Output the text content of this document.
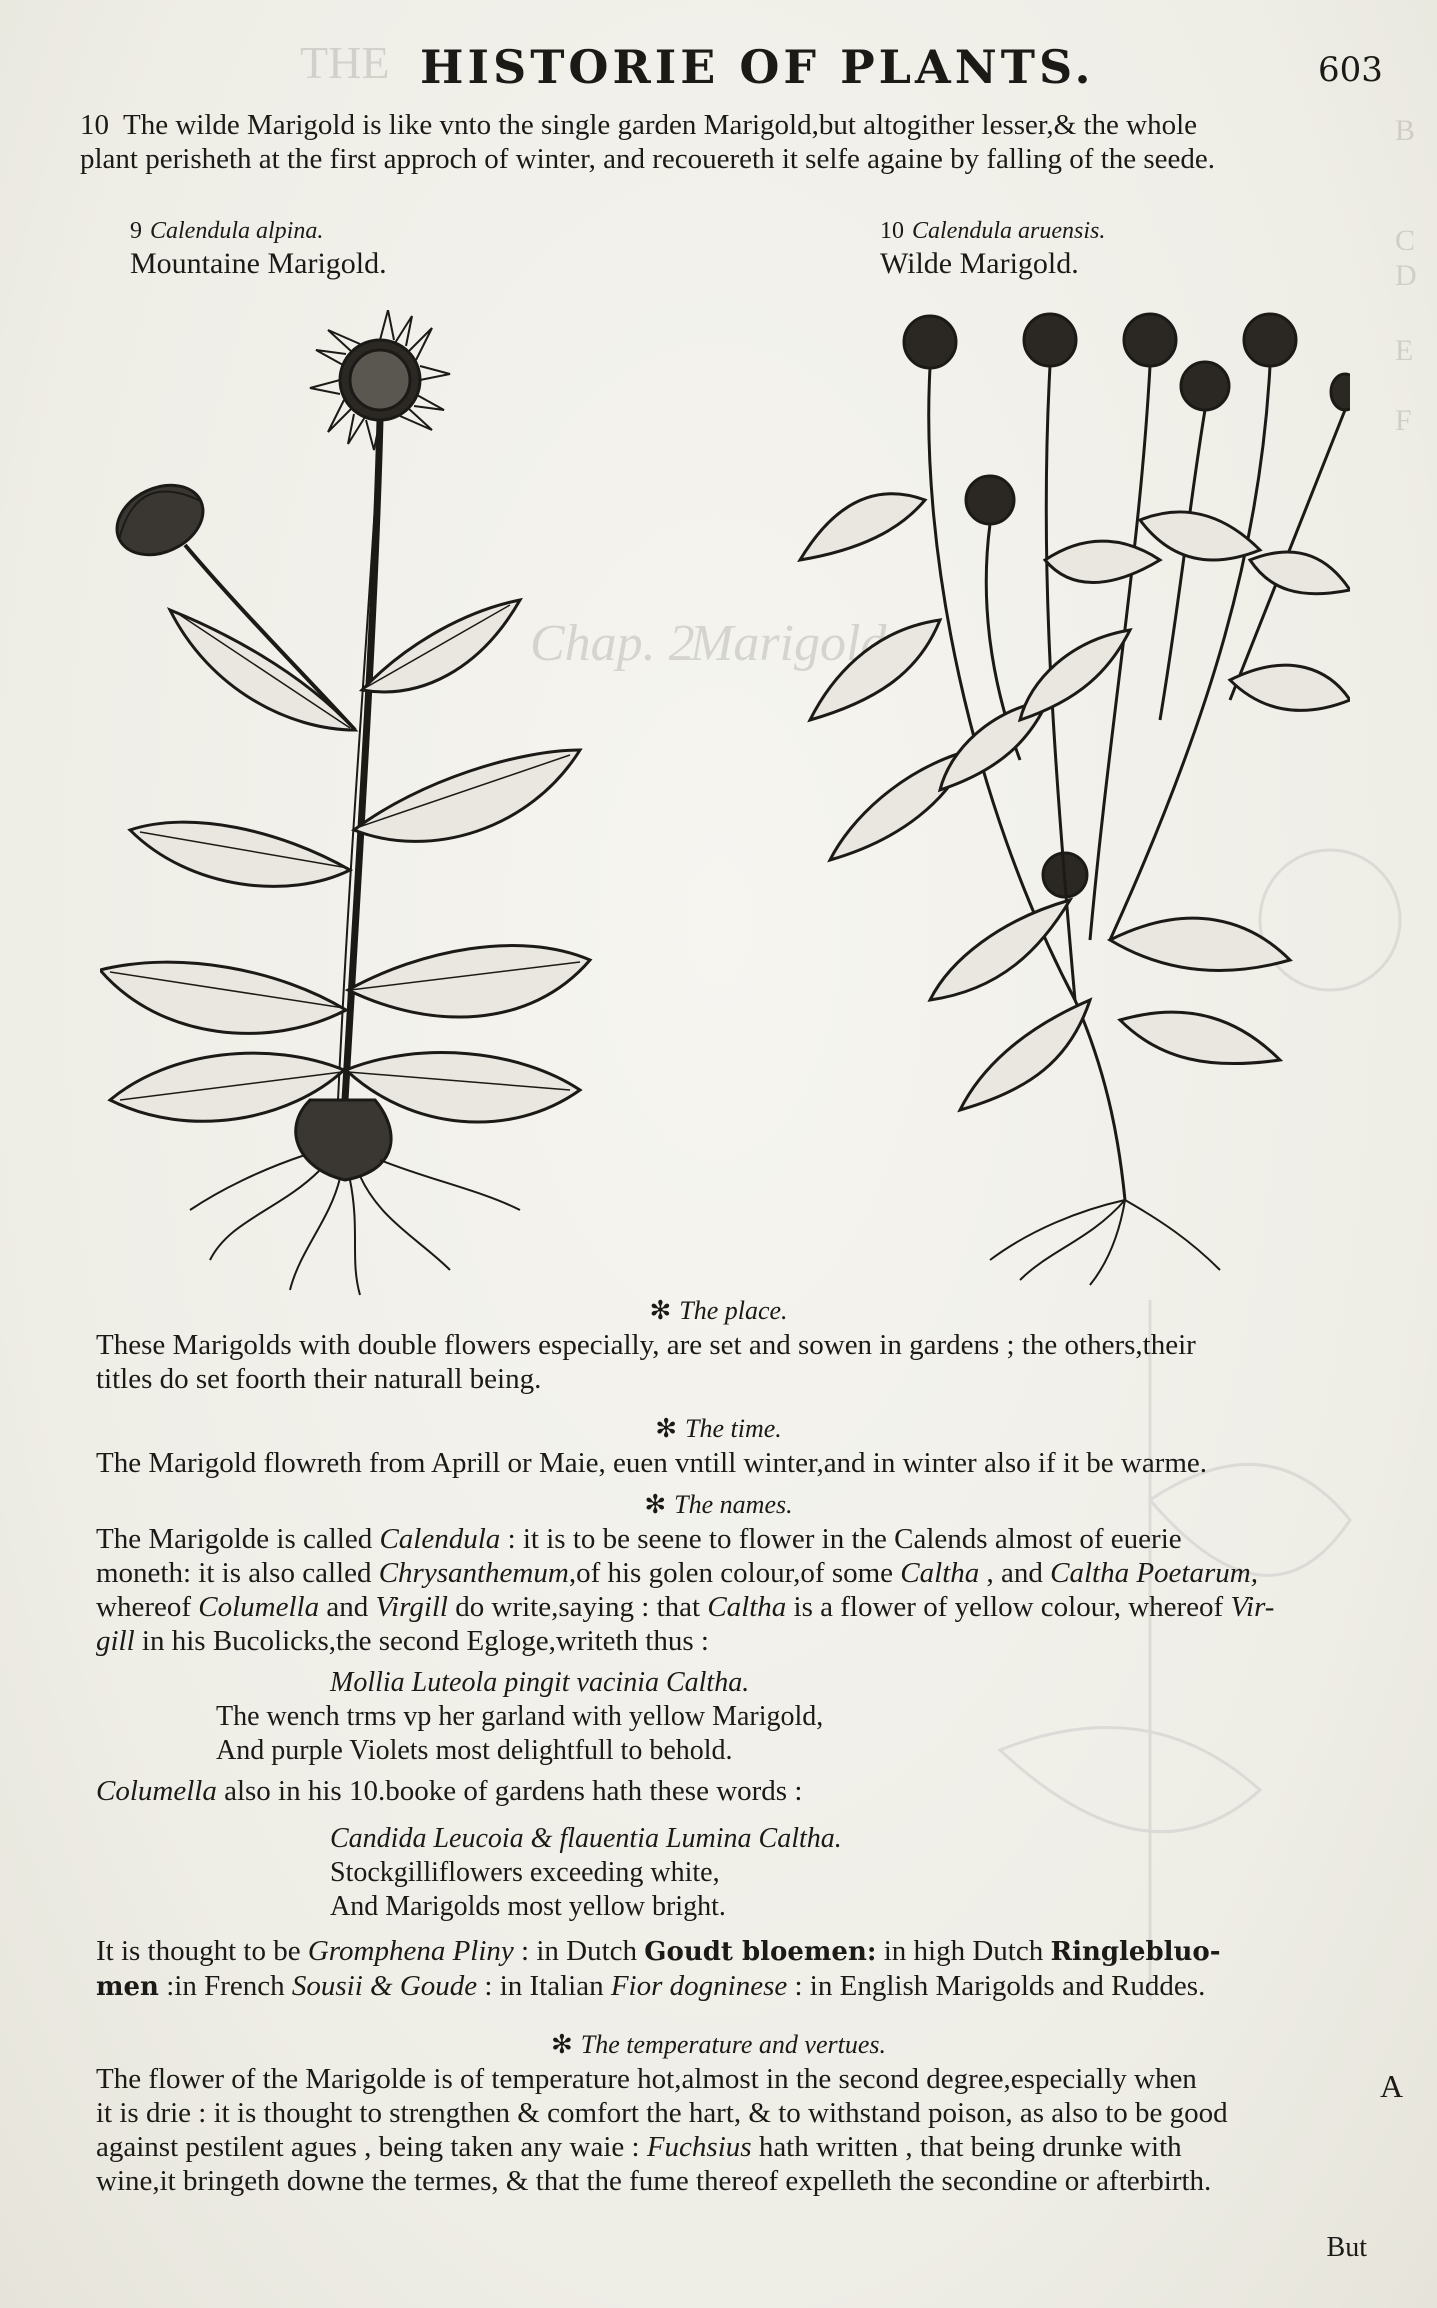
THE
B
C
D
E
F
Marigolds.
Chap. 2
HISTORIE OF PLANTS.	603

10 The wilde Marigold is like vnto the single garden Marigold,but altogither lesser,& the whole
plant perisheth at the first approch of winter, and recouereth it selfe againe by falling of the seede.

9 Calendula alpina.
Mountaine Marigold.
10 Calendula aruensis.
Wilde Marigold.
✻ The place.

These Marigolds with double flowers especially, are set and sowen in gardens ; the others,their
titles do set foorth their naturall being.

✻ The time.

The Marigold flowreth from Aprill or Maie, euen vntill winter,and in winter also if it be warme.

✻ The names.

The Marigolde is called Calendula : it is to be seene to flower in the Calends almost of euerie
moneth: it is also called Chrysanthemum,of his golen colour,of some Caltha , and Caltha Poetarum,
whereof Columella and Virgill do write,saying : that Caltha is a flower of yellow colour, whereof Vir-
gill in his Bucolicks,the second Egloge,writeth thus :

Mollia Luteola pingit vacinia Caltha.
The wench trms vp her garland with yellow Marigold,
And purple Violets most delightfull to behold.

Columella also in his 10.booke of gardens hath these words :

Candida Leucoia & flauentia Lumina Caltha.
Stockgilliflowers exceeding white,
And Marigolds most yellow bright.

It is thought to be Gromphena Pliny : in Dutch Goudt bloemen: in high Dutch Ringlebluo-
men :in French Sousii & Goude : in Italian Fior dogninese : in English Marigolds and Ruddes.

✻ The temperature and vertues.

The flower of the Marigolde is of temperature hot,almost in the second degree,especially when
it is drie : it is thought to strengthen & comfort the hart, & to withstand poison, as also to be good
against pestilent agues , being taken any waie : Fuchsius hath written , that being drunke with
wine,it bringeth downe the termes, & that the fume thereof expelleth the secondine or afterbirth.

A
But
